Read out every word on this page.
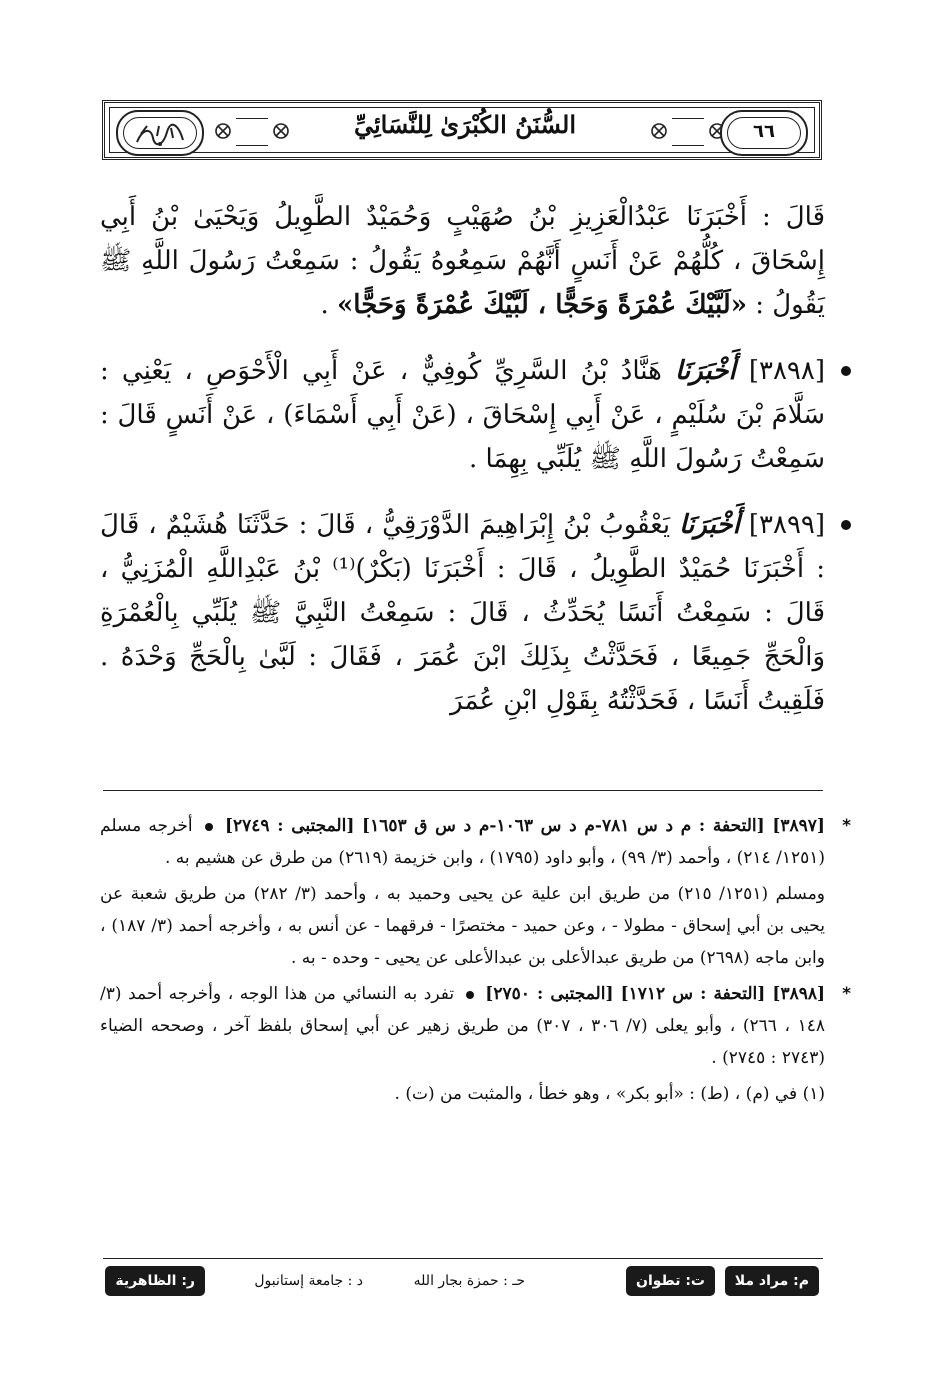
السُّنَنُ الكُبْرَىٰ لِلنَّسَائِيِّ	٦٦

قَالَ : أَخْبَرَنَا عَبْدُالْعَزِيزِ بْنُ صُهَيْبٍ وَحُمَيْدٌ الطَّوِيلُ وَيَحْيَىٰ بْنُ أَبِي إِسْحَاقَ ، كُلُّهُمْ عَنْ أَنَسٍ أَنَّهُمْ سَمِعُوهُ يَقُولُ : سَمِعْتُ رَسُولَ اللَّهِ ﷺ يَقُولُ : «لَبَّيْكَ عُمْرَةً وَحَجًّا ، لَبَّيْكَ عُمْرَةً وَحَجًّا» .

[٣٨٩٨] أَخْبَرَنَا هَنَّادُ بْنُ السَّرِيِّ كُوفِيٌّ ، عَنْ أَبِي الْأَحْوَصِ ، يَعْنِي : سَلَّامَ بْنَ سُلَيْمٍ ، عَنْ أَبِي إِسْحَاقَ ، (عَنْ أَبِي أَسْمَاءَ) ، عَنْ أَنَسٍ قَالَ : سَمِعْتُ رَسُولَ اللَّهِ ﷺ يُلَبِّي بِهِمَا .

[٣٨٩٩] أَخْبَرَنَا يَعْقُوبُ بْنُ إِبْرَاهِيمَ الدَّوْرَقِيُّ ، قَالَ : حَدَّثَنَا هُشَيْمٌ ، قَالَ : أَخْبَرَنَا حُمَيْدٌ الطَّوِيلُ ، قَالَ : أَخْبَرَنَا (بَكْرٌ)⁽¹⁾ بْنُ عَبْدِاللَّهِ الْمُزَنِيُّ ، قَالَ : سَمِعْتُ أَنَسًا يُحَدِّثُ ، قَالَ : سَمِعْتُ النَّبِيَّ ﷺ يُلَبِّي بِالْعُمْرَةِ وَالْحَجِّ جَمِيعًا ، فَحَدَّثْتُ بِذَلِكَ ابْنَ عُمَرَ ، فَقَالَ : لَبَّىٰ بِالْحَجِّ وَحْدَهُ . فَلَقِيتُ أَنَسًا ، فَحَدَّثْتُهُ بِقَوْلِ ابْنِ عُمَرَ

*
[٣٨٩٧] [التحفة : م د س ٧٨١-م د س ١٠٦٣-م د س ق ١٦٥٣] [المجتبى : ٢٧٤٩]  أخرجه مسلم (١٢٥١/ ٢١٤) ، وأحمد (٣/ ٩٩) ، وأبو داود (١٧٩٥) ، وابن خزيمة (٢٦١٩) من طرق عن هشيم به .

ومسلم (١٢٥١/ ٢١٥) من طريق ابن علية عن يحيى وحميد به ، وأحمد (٣/ ٢٨٢) من طريق شعبة عن يحيى بن أبي إسحاق - مطولا - ، وعن حميد - مختصرًا - فرقهما - عن أنس به ، وأخرجه أحمد (٣/ ١٨٧) ، وابن ماجه (٢٦٩٨) من طريق عبدالأعلى بن عبدالأعلى عن يحيى - وحده - به .

*
[٣٨٩٨] [التحفة : س ١٧١٢] [المجتبى : ٢٧٥٠]  تفرد به النسائي من هذا الوجه ، وأخرجه أحمد (٣/ ١٤٨ ، ٢٦٦) ، وأبو يعلى (٧/ ٣٠٦ ، ٣٠٧) من طريق زهير عن أبي إسحاق بلفظ آخر ، وصححه الضياء (٢٧٤٣ : ٢٧٤٥) .

(١) في (م) ، (ط) : «أبو بكر» ، وهو خطأ ، والمثبت من (ت) .

م: مراد ملا
ت: تطوان
حـ : حمزة بجار الله
د : جامعة إستانبول
ر: الظاهرية
